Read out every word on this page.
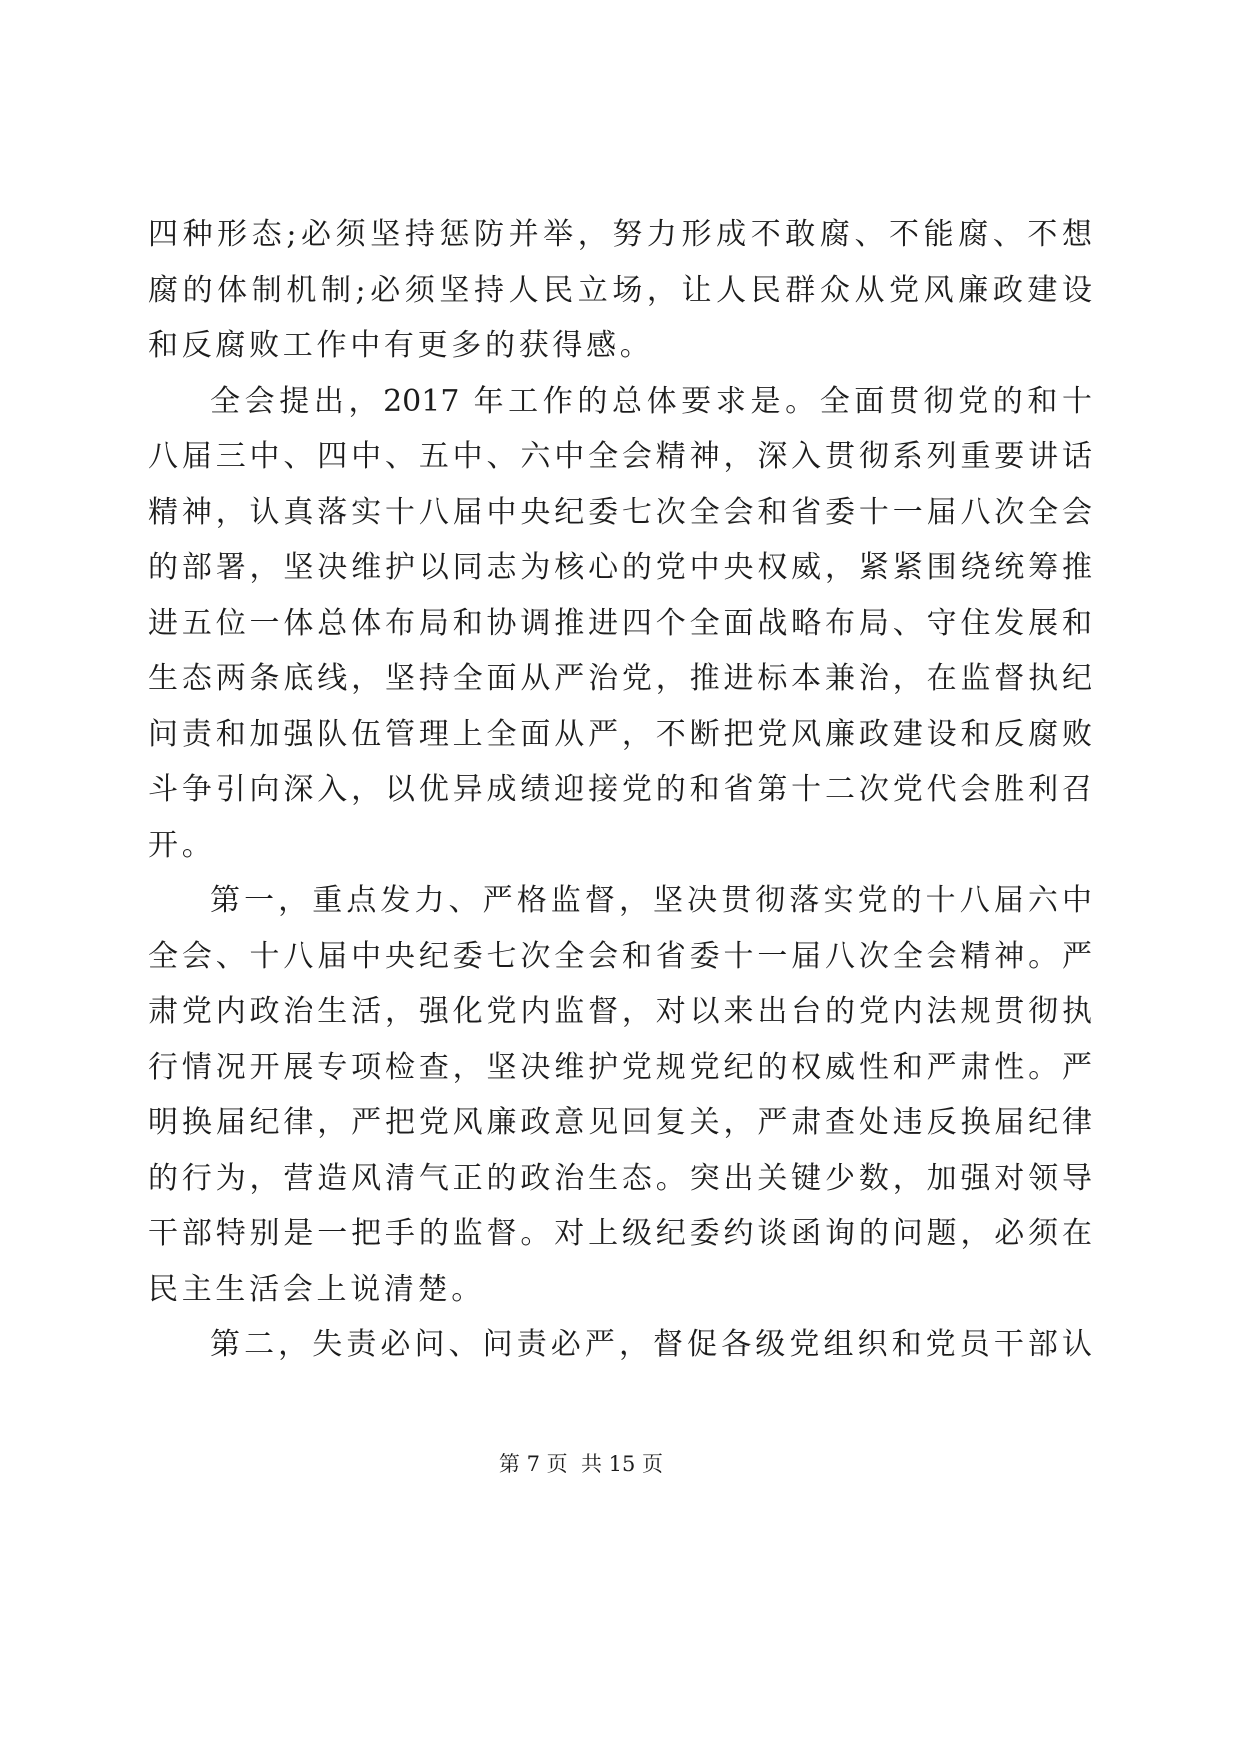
四种形态;必须坚持惩防并举，努力形成不敢腐、不能腐、不想
腐的体制机制;必须坚持人民立场，让人民群众从党风廉政建设
和反腐败工作中有更多的获得感。
全会提出，2017 年工作的总体要求是。全面贯彻党的和十
八届三中、四中、五中、六中全会精神，深入贯彻系列重要讲话
精神，认真落实十八届中央纪委七次全会和省委十一届八次全会
的部署，坚决维护以同志为核心的党中央权威，紧紧围绕统筹推
进五位一体总体布局和协调推进四个全面战略布局、守住发展和
生态两条底线，坚持全面从严治党，推进标本兼治，在监督执纪
问责和加强队伍管理上全面从严，不断把党风廉政建设和反腐败
斗争引向深入，以优异成绩迎接党的和省第十二次党代会胜利召
开。
第一，重点发力、严格监督，坚决贯彻落实党的十八届六中
全会、十八届中央纪委七次全会和省委十一届八次全会精神。严
肃党内政治生活，强化党内监督，对以来出台的党内法规贯彻执
行情况开展专项检查，坚决维护党规党纪的权威性和严肃性。严
明换届纪律，严把党风廉政意见回复关，严肃查处违反换届纪律
的行为，营造风清气正的政治生态。突出关键少数，加强对领导
干部特别是一把手的监督。对上级纪委约谈函询的问题，必须在
民主生活会上说清楚。
第二，失责必问、问责必严，督促各级党组织和党员干部认
第 7 页  共 15 页
